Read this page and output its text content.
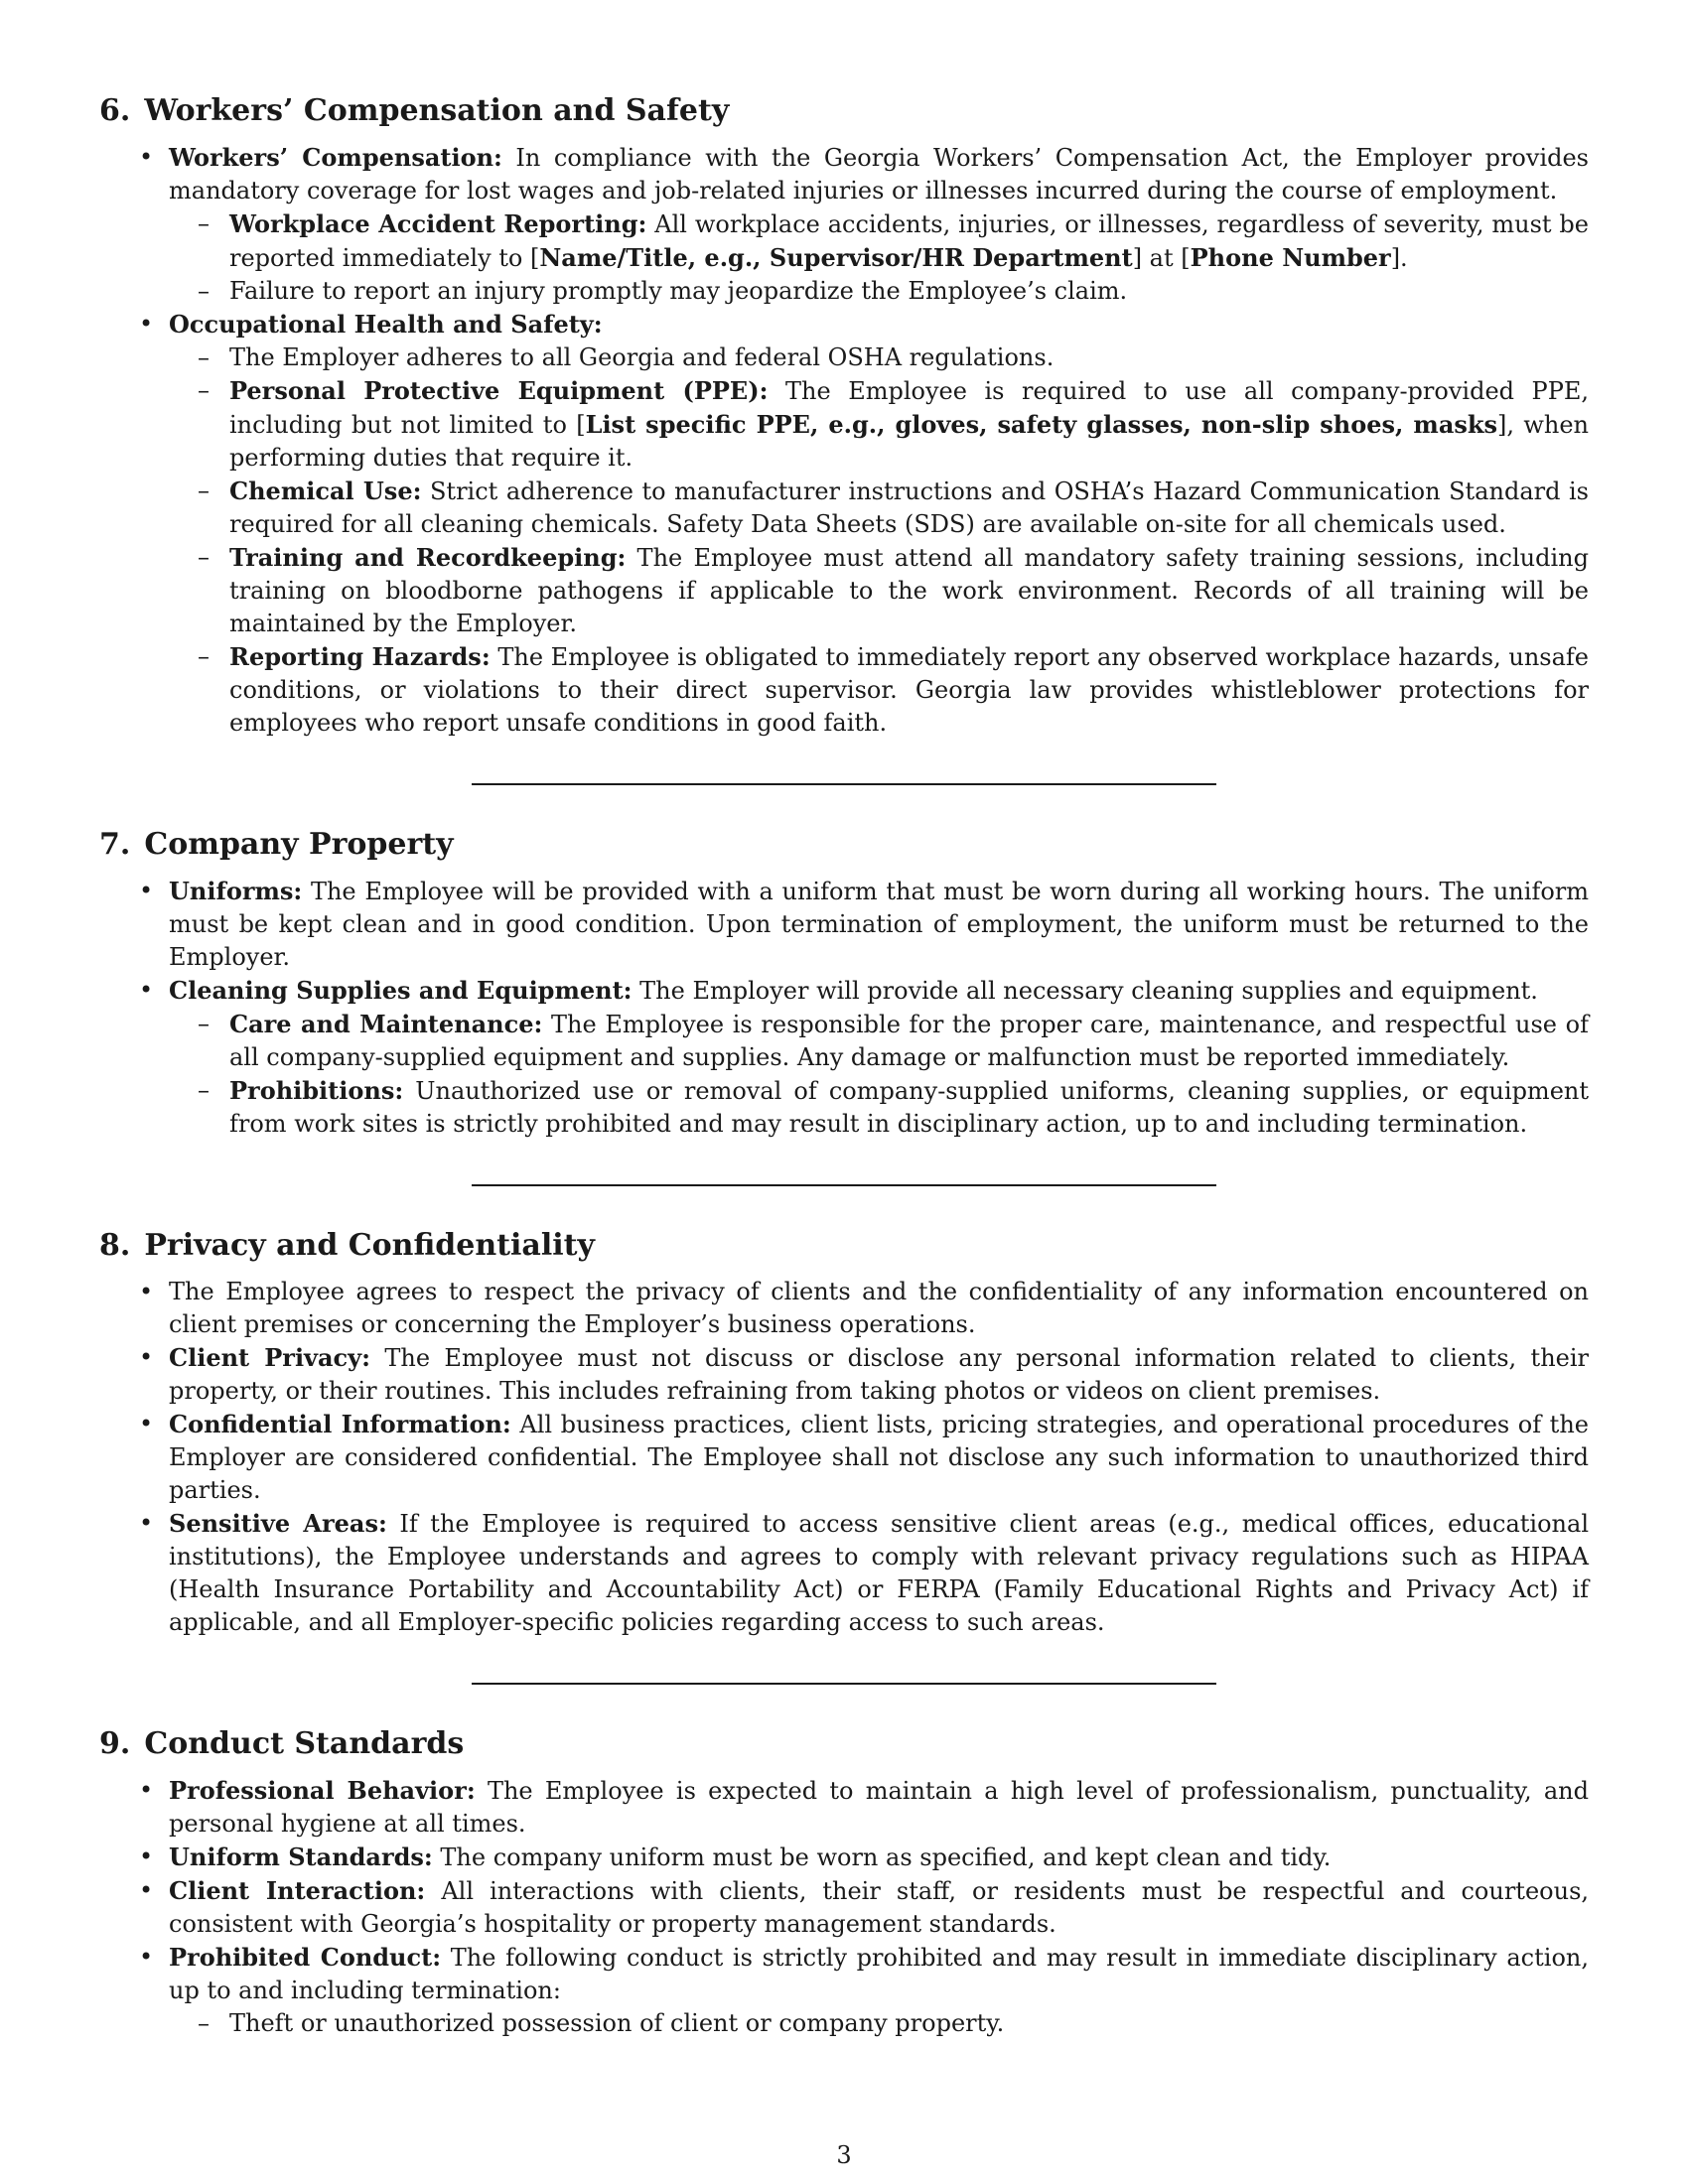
6. Workers’ Compensation and Safety
• Workers’ Compensation: In compliance with the Georgia Workers’ Compensation Act, the Employer provides mandatory coverage for lost wages and job-related injuries or illnesses incurred during the course of employment.
– Workplace Accident Reporting: All workplace accidents, injuries, or illnesses, regardless of severity, must be reported immediately to [Name/Title, e.g., Supervisor/HR Department] at [Phone Number].
– Failure to report an injury promptly may jeopardize the Employee’s claim.
• Occupational Health and Safety:
– The Employer adheres to all Georgia and federal OSHA regulations.
– Personal Protective Equipment (PPE): The Employee is required to use all company-provided PPE, including but not limited to [List specific PPE, e.g., gloves, safety glasses, non-slip shoes, masks], when performing duties that require it.
– Chemical Use: Strict adherence to manufacturer instructions and OSHA’s Hazard Communication Standard is required for all cleaning chemicals. Safety Data Sheets (SDS) are available on-site for all chemicals used.
– Training and Recordkeeping: The Employee must attend all mandatory safety training sessions, including training on bloodborne pathogens if applicable to the work environment. Records of all training will be maintained by the Employer.
– Reporting Hazards: The Employee is obligated to immediately report any observed workplace hazards, unsafe conditions, or violations to their direct supervisor. Georgia law provides whistleblower protections for employees who report unsafe conditions in good faith.
7. Company Property
• Uniforms: The Employee will be provided with a uniform that must be worn during all working hours. The uniform must be kept clean and in good condition. Upon termination of employment, the uniform must be returned to the Employer.
• Cleaning Supplies and Equipment: The Employer will provide all necessary cleaning supplies and equipment.
– Care and Maintenance: The Employee is responsible for the proper care, maintenance, and respectful use of all company-supplied equipment and supplies. Any damage or malfunction must be reported immediately.
– Prohibitions: Unauthorized use or removal of company-supplied uniforms, cleaning supplies, or equipment from work sites is strictly prohibited and may result in disciplinary action, up to and including termination.
8. Privacy and Confidentiality
• The Employee agrees to respect the privacy of clients and the confidentiality of any information encountered on client premises or concerning the Employer’s business operations.
• Client Privacy: The Employee must not discuss or disclose any personal information related to clients, their property, or their routines. This includes refraining from taking photos or videos on client premises.
• Confidential Information: All business practices, client lists, pricing strategies, and operational procedures of the Employer are considered confidential. The Employee shall not disclose any such information to unauthorized third parties.
• Sensitive Areas: If the Employee is required to access sensitive client areas (e.g., medical offices, educational institutions), the Employee understands and agrees to comply with relevant privacy regulations such as HIPAA (Health Insurance Portability and Accountability Act) or FERPA (Family Educational Rights and Privacy Act) if applicable, and all Employer-specific policies regarding access to such areas.
9. Conduct Standards
• Professional Behavior: The Employee is expected to maintain a high level of professionalism, punctuality, and personal hygiene at all times.
• Uniform Standards: The company uniform must be worn as specified, and kept clean and tidy.
• Client Interaction: All interactions with clients, their staff, or residents must be respectful and courteous, consistent with Georgia’s hospitality or property management standards.
• Prohibited Conduct: The following conduct is strictly prohibited and may result in immediate disciplinary action, up to and including termination:
– Theft or unauthorized possession of client or company property.
3
